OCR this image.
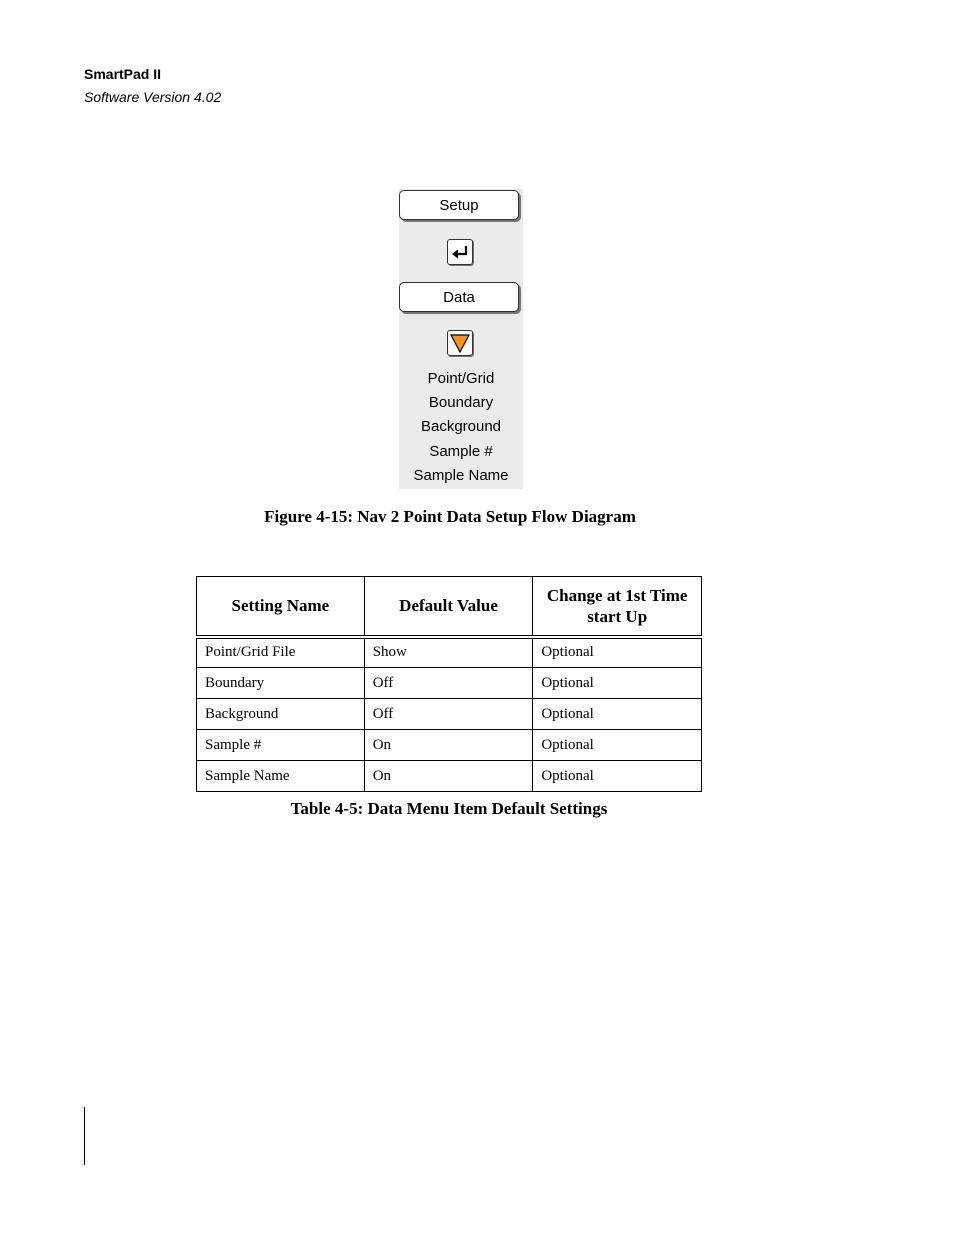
SmartPad II
Software Version 4.02
Setup
Data
Point/Grid
Boundary
Background
Sample #
Sample Name
Figure 4-15: Nav 2 Point Data Setup Flow Diagram
Setting Name	Default Value	Change at 1st Time start Up
Point/Grid File	Show	Optional
Boundary	Off	Optional
Background	Off	Optional
Sample #	On	Optional
Sample Name	On	Optional
Table 4-5: Data Menu Item Default Settings
